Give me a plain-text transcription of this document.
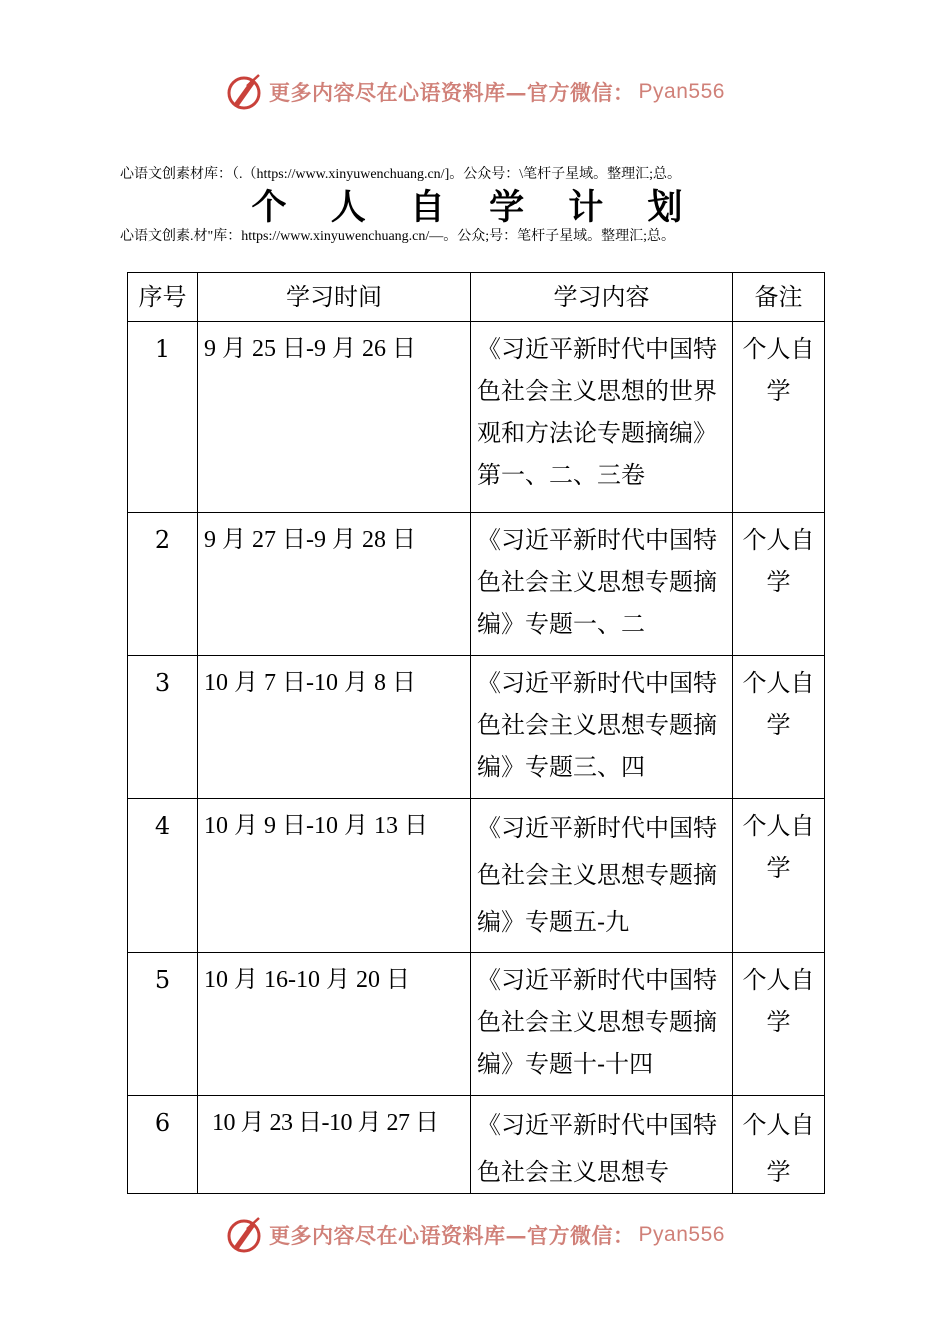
更多内容尽在心语资料库—官方微信： Pyan556
心语文创素材库：（.（https://www.xinyuwenchuang.cn/]。公众号：\笔杆子星域。整理汇;总。
个 人 自 学 计 划
心语文创素.材"库：https://www.xinyuwenchuang.cn/—。公众;号：笔杆子星域。整理汇;总。
序号	学习时间	学习内容	备注
1	9 月 25 日-9 月 26 日	《习近平新时代中国特色社会主义思想的世界观和方法论专题摘编》第一、二、三卷	个人自学
2	9 月 27 日-9 月 28 日	《习近平新时代中国特色社会主义思想专题摘编》专题一、二	个人自学
3	10 月 7 日-10 月 8 日	《习近平新时代中国特色社会主义思想专题摘编》专题三、四	个人自学
4	10 月 9 日-10 月 13 日	《习近平新时代中国特色社会主义思想专题摘编》专题五-九	个人自学
5	10 月 16-10 月 20 日	《习近平新时代中国特色社会主义思想专题摘编》专题十-十四	个人自学

6	10 月 23 日-10 月 27 日	《习近平新时代中国特色社会主义思想专	个人自学
更多内容尽在心语资料库—官方微信： Pyan556
